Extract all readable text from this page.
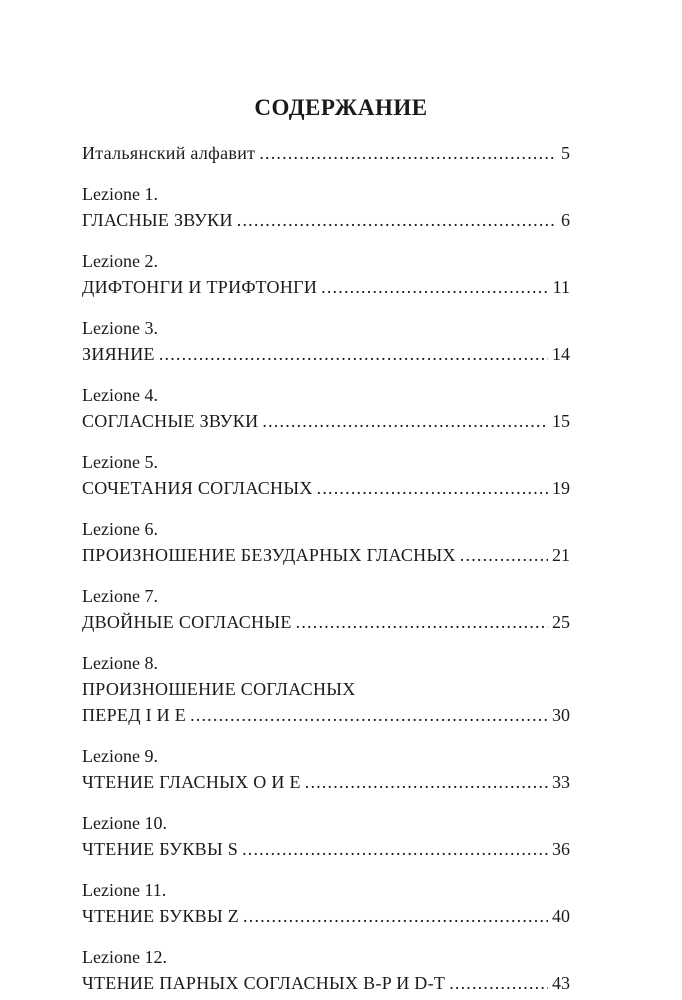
СОДЕРЖАНИЕ
Итальянский алфавит .....	5
Lezione 1.
ГЛАСНЫЕ ЗВУКИ .....	6
Lezione 2.
ДИФТОНГИ И ТРИФТОНГИ .....	11
Lezione 3.
ЗИЯНИЕ .....	14
Lezione 4.
СОГЛАСНЫЕ ЗВУКИ .....	15
Lezione 5.
СОЧЕТАНИЯ СОГЛАСНЫХ .....	19
Lezione 6.
ПРОИЗНОШЕНИЕ БЕЗУДАРНЫХ ГЛАСНЫХ .....	21
Lezione 7.
ДВОЙНЫЕ СОГЛАСНЫЕ .....	25
Lezione 8.
ПРОИЗНОШЕНИЕ СОГЛАСНЫХ
ПЕРЕД I И E .....	30
Lezione 9.
ЧТЕНИЕ ГЛАСНЫХ O И E .....	33
Lezione 10.
ЧТЕНИЕ БУКВЫ S .....	36
Lezione 11.
ЧТЕНИЕ БУКВЫ Z .....	40
Lezione 12.
ЧТЕНИЕ ПАРНЫХ СОГЛАСНЫХ B-P И D-T .....	43
